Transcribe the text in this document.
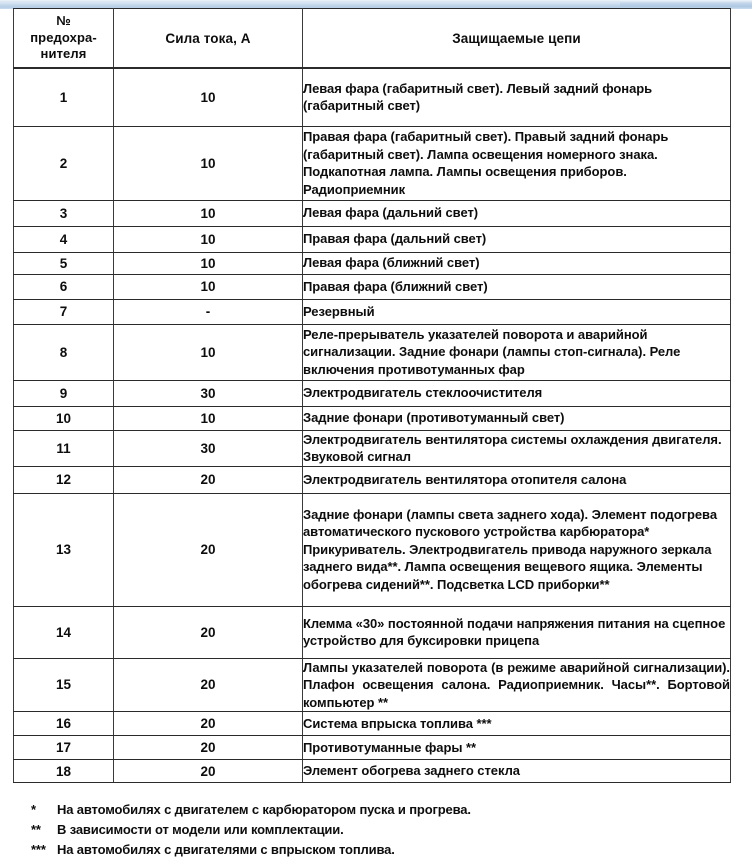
№
предохра-
нителя	Сила тока, А	Защищаемые цепи
1	10	Левая фара (габаритный свет). Левый задний фонарь (габаритный свет)
2	10	Правая фара (габаритный свет). Правый задний фонарь (габаритный свет). Лампа освещения номерного знака. Подкапотная лампа. Лампы освещения приборов. Радиоприемник
3	10	Левая фара (дальний свет)
4	10	Правая фара (дальний свет)
5	10	Левая фара (ближний свет)
6	10	Правая фара (ближний свет)
7	-	Резервный
8	10	Реле-прерыватель указателей поворота и аварийной сигнализации. Задние фонари (лампы стоп-сигнала). Реле включения противотуманных фар
9	30	Электродвигатель стеклоочистителя
10	10	Задние фонари (противотуманный свет)
11	30	Электродвигатель вентилятора системы охлаждения двигателя. Звуковой сигнал
12	20	Электродвигатель вентилятора отопителя салона
13	20	Задние фонари (лампы света заднего хода). Элемент подогрева автоматического пускового устройства карбюратора* Прикуриватель. Электродвигатель привода наружного зеркала заднего вида**. Лампа освещения вещевого ящика. Элементы обогрева сидений**. Подсветка LCD приборки**
14	20	Клемма «30» постоянной подачи напряжения питания на сцепное устройство для буксировки прицепа
15	20	Лампы указателей поворота (в режиме аварийной сигнализации). Плафон освещения салона. Радиоприемник. Часы**. Бортовой компьютер **
16	20	Система впрыска топлива ***
17	20	Противотуманные фары **
18	20	Элемент обогрева заднего стекла
*	На автомобилях с двигателем с карбюратором пуска и прогрева.
**	В зависимости от модели или комплектации.
*** На автомобилях с двигателями с впрыском топлива.
